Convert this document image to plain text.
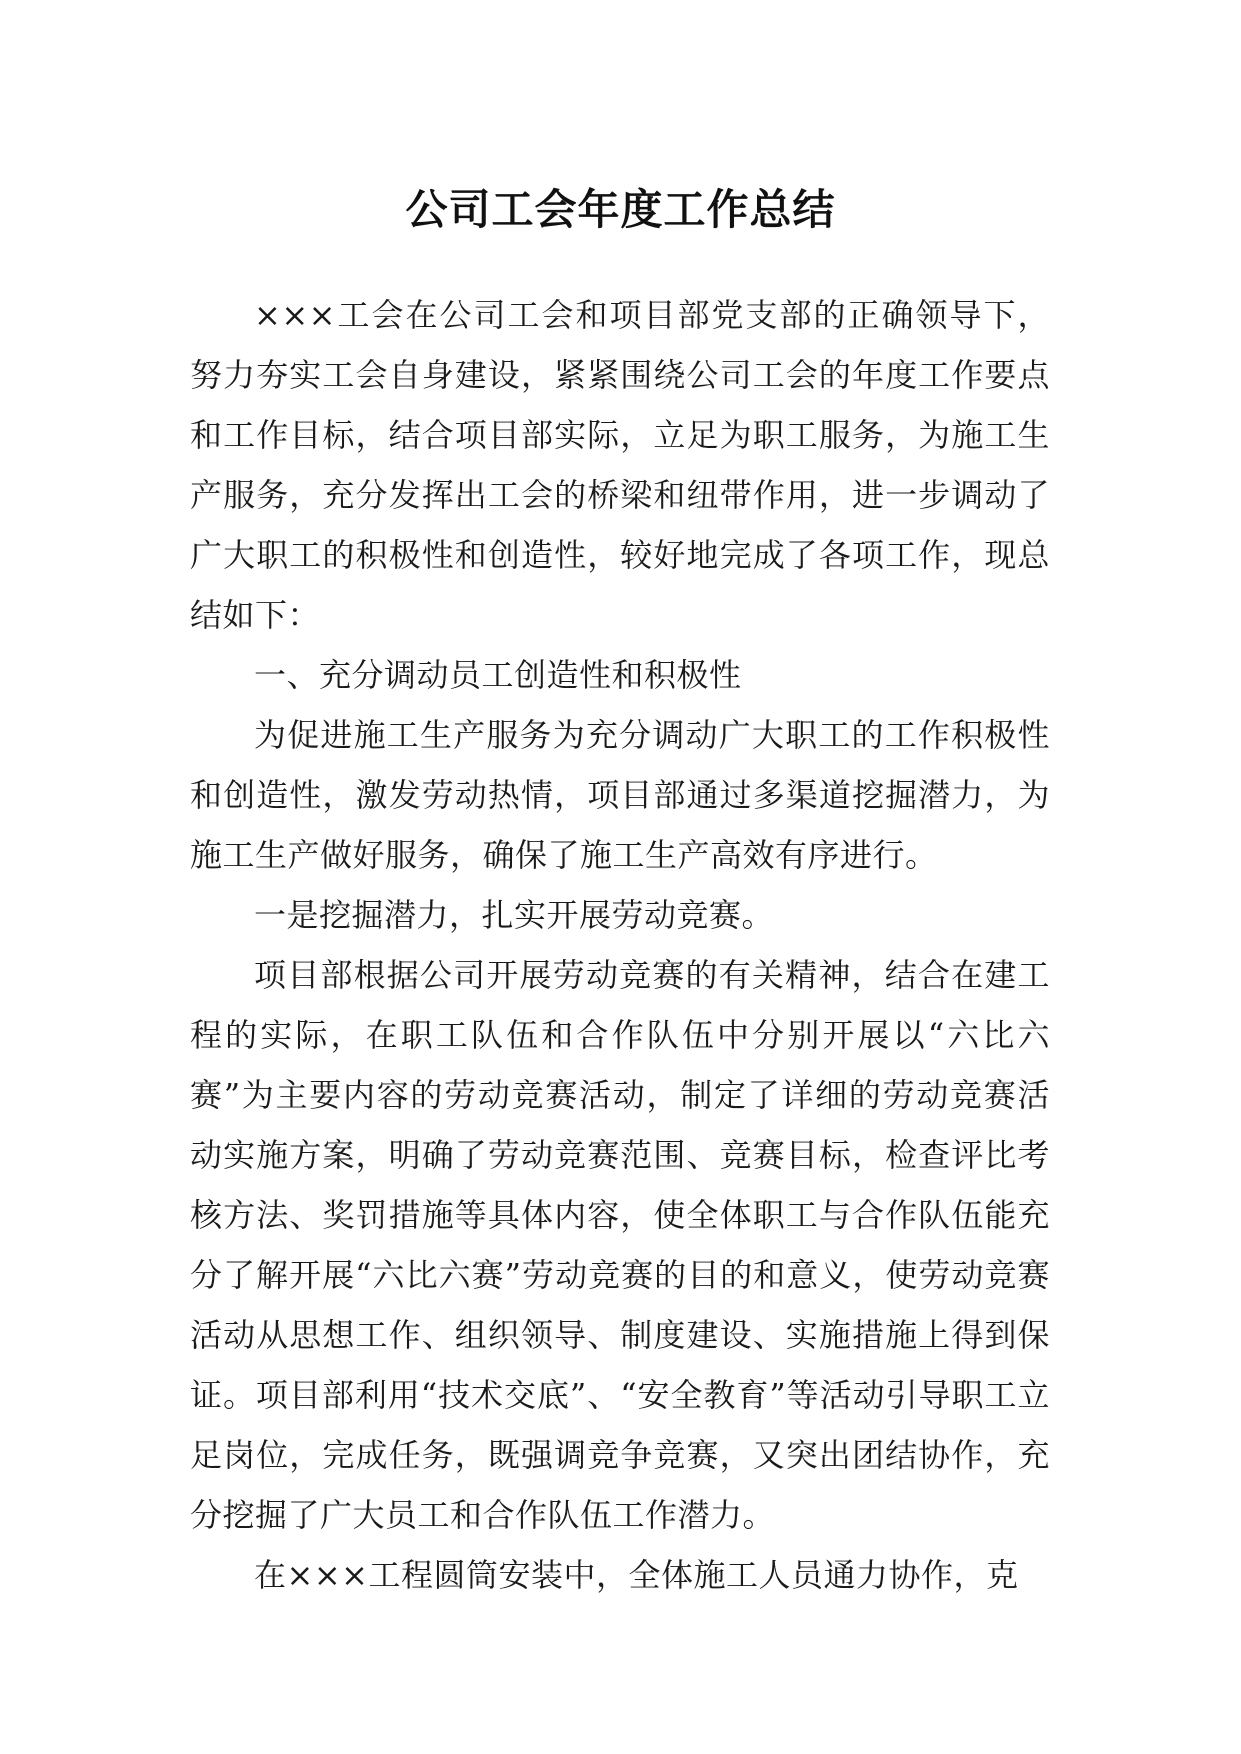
公司工会年度工作总结

×××工会在公司工会和项目部党支部的正确领导下，努力夯实工会自身建设，紧紧围绕公司工会的年度工作要点和工作目标，结合项目部实际，立足为职工服务，为施工生产服务，充分发挥出工会的桥梁和纽带作用，进一步调动了广大职工的积极性和创造性，较好地完成了各项工作，现总结如下：

一、充分调动员工创造性和积极性

为促进施工生产服务为充分调动广大职工的工作积极性和创造性，激发劳动热情，项目部通过多渠道挖掘潜力，为施工生产做好服务，确保了施工生产高效有序进行。

一是挖掘潜力，扎实开展劳动竞赛。

项目部根据公司开展劳动竞赛的有关精神，结合在建工程的实际，在职工队伍和合作队伍中分别开展以“六比六赛”为主要内容的劳动竞赛活动，制定了详细的劳动竞赛活动实施方案，明确了劳动竞赛范围、竞赛目标，检查评比考核方法、奖罚措施等具体内容，使全体职工与合作队伍能充分了解开展“六比六赛”劳动竞赛的目的和意义，使劳动竞赛活动从思想工作、组织领导、制度建设、实施措施上得到保证。项目部利用“技术交底”、“安全教育”等活动引导职工立足岗位，完成任务，既强调竞争竞赛，又突出团结协作，充分挖掘了广大员工和合作队伍工作潜力。

在×××工程圆筒安装中，全体施工人员通力协作，克
